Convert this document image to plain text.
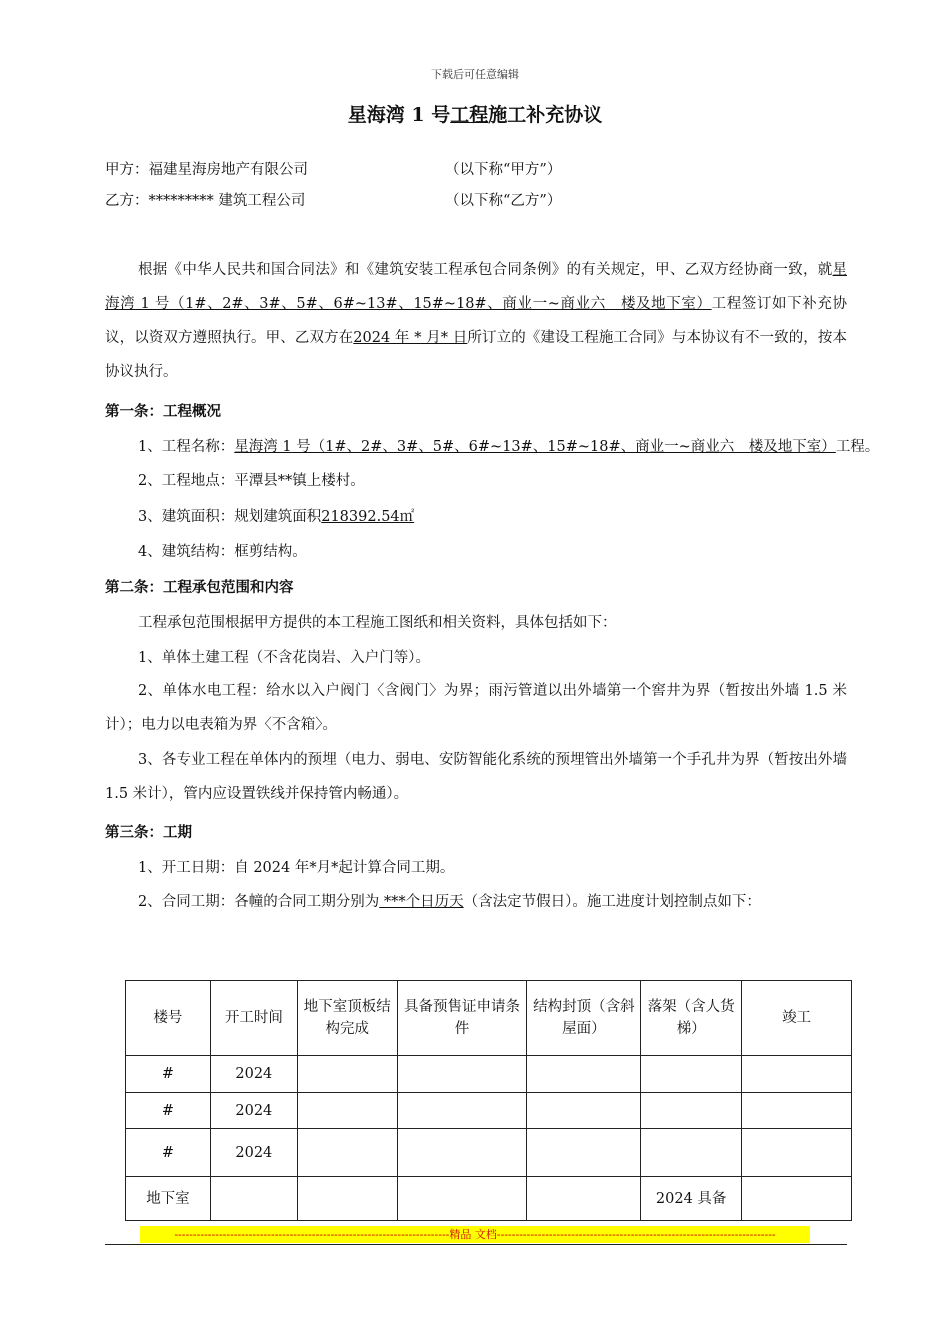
下载后可任意编辑
星海湾 1 号工程施工补充协议
甲方：福建星海房地产有限公司	（以下称“甲方”）
乙方：********* 建筑工程公司	（以下称“乙方”）
根据《中华人民共和国合同法》和《建筑安装工程承包合同条例》的有关规定，甲、乙双方经协商一致，就星海湾 1 号（1#、2#、3#、5#、6#~13#、15#~18#、商业一~商业六　楼及地下室）工程签订如下补充协议，以资双方遵照执行。甲、乙双方在2024 年 * 月* 日所订立的《建设工程施工合同》与本协议有不一致的，按本协议执行。
第一条：工程概况
1、工程名称：星海湾 1 号（1#、2#、3#、5#、6#~13#、15#~18#、商业一~商业六　楼及地下室）工程。
2、工程地点：平潭县**镇上楼村。
3、建筑面积：规划建筑面积218392.54㎡
4、建筑结构：框剪结构。
第二条：工程承包范围和内容
工程承包范围根据甲方提供的本工程施工图纸和相关资料，具体包括如下：
1、单体土建工程（不含花岗岩、入户门等）。
2、单体水电工程：给水以入户阀门〈含阀门〉为界；雨污管道以出外墙第一个窖井为界（暂按出外墙 1.5 米计）；电力以电表箱为界〈不含箱〉。
3、各专业工程在单体内的预埋（电力、弱电、安防智能化系统的预埋管出外墙第一个手孔井为界（暂按出外墙 1.5 米计），管内应设置铁线并保持管内畅通）。
第三条：工期
1、开工日期：自 2024 年*月*起计算合同工期。
2、合同工期：各幢的合同工期分别为 ***个日历天（含法定节假日）。施工进度计划控制点如下：
楼号	开工时间	地下室顶板结构完成	具备预售证申请条件	结构封顶（含斜屋面）	落架（含人货梯）	竣工
#	2024					
#	2024					
#	2024					
地下室					2024 具备	
--------------------------------------------------------------------------精品 文档---------------------------------------------------------------------------
